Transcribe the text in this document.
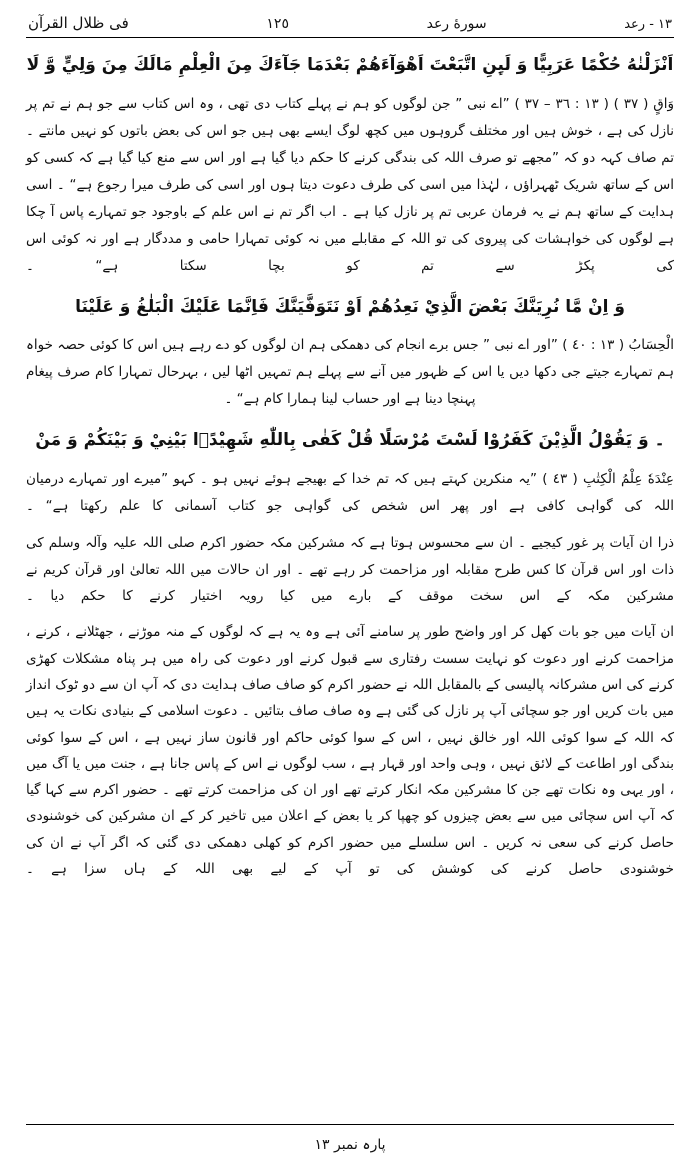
١٣ - رعد
سورۀ رعد
١٢٥
فی ظلال القرآن
اَنْزَلْنٰهُ حُكْمًا عَرَبِيًّا وَ لَىِٕنِ اتَّبَعْتَ اَهْوَآءَهُمْ بَعْدَمَا جَآءَكَ مِنَ الْعِلْمِ مَالَكَ مِنَ وَلِيٍّ وَّ لَا

وَاقٍ ( ٣٧ ) ( ١٣ : ٣٦ – ٣٧ ) ”اے نبی ” جن لوگوں کو ہم نے پہلے کتاب دی تھی ، وہ اس کتاب سے جو ہم نے تم پر نازل کی ہے ، خوش ہیں اور مختلف گروہوں میں کچھ لوگ ایسے بھی ہیں جو اس کی بعض باتوں کو نہیں مانتے ۔ تم صاف کہہ دو کہ ”مجھے تو صرف اللہ کی بندگی کرنے کا حکم دیا گیا ہے اور اس سے منع کیا گیا ہے کہ کسی کو اس کے ساتھ شریک ٹھہراؤں ، لہٰذا میں اسی کی طرف دعوت دیتا ہوں اور اسی کی طرف میرا رجوع ہے“ ۔ اسی ہدایت کے ساتھ ہم نے یہ فرمان عربی تم پر نازل کیا ہے ۔ اب اگر تم نے اس علم کے باوجود جو تمہارے پاس آ چکا ہے لوگوں کی خواہشات کی پیروی کی تو اللہ کے مقابلے میں نہ کوئی تمہارا حامی و مددگار ہے اور نہ کوئی اس کی پکڑ سے تم کو بچا سکتا ہے“ ۔

وَ اِنْ مَّا نُرِيَنَّكَ بَعْضَ الَّذِيْ نَعِدُهُمْ اَوْ نَتَوَفَّيَنَّكَ فَاِنَّمَا عَلَيْكَ الْبَلٰغُ وَ عَلَيْنَا

الْحِسَابُ ( ١٣ : ٤٠ ) ”اور اے نبی ” جس برے انجام کی دھمکی ہم ان لوگوں کو دے رہے ہیں اس کا کوئی حصہ خواہ ہم تمہارے جیتے جی دکھا دیں یا اس کے ظہور میں آنے سے پہلے ہم تمہیں اٹھا لیں ، بہرحال تمہارا کام صرف پیغام پہنچا دینا ہے اور حساب لینا ہمارا کام ہے“ ۔

۔وَ يَقُوْلُ الَّذِيْنَ كَفَرُوْا لَسْتَ مُرْسَلًا قُلْ كَفٰى بِاللّٰهِ شَهِيْدًۢا بَيْنِيْ وَ بَيْنَكُمْ وَ مَنْ

عِنْدَهٗ عِلْمُ الْكِتٰبِ ( ٤٣ ) ”یہ منکرین کہتے ہیں کہ تم خدا کے بھیجے ہوئے نہیں ہو ۔ کہو ”میرے اور تمہارے درمیان اللہ کی گواہی کافی ہے اور پھر اس شخص کی گواہی جو کتاب آسمانی کا علم رکھتا ہے“ ۔

ذرا ان آیات پر غور کیجیے ۔ ان سے محسوس ہوتا ہے کہ مشرکین مکہ حضور اکرم صلی اللہ علیہ وآلہ وسلم کی ذات اور اس قرآن کا کس طرح مقابلہ اور مزاحمت کر رہے تھے ۔ اور ان حالات میں اللہ تعالیٰ اور قرآن کریم نے مشرکین مکہ کے اس سخت موقف کے بارے میں کیا رویہ اختیار کرنے کا حکم دیا ۔

ان آیات میں جو بات کھل کر اور واضح طور پر سامنے آئی ہے وہ یہ ہے کہ لوگوں کے منہ موڑنے ، جھٹلانے ، کرنے ، مزاحمت کرنے اور دعوت کو نہایت سست رفتاری سے قبول کرنے اور دعوت کی راہ میں ہر پناہ مشکلات کھڑی کرنے کی اس مشرکانہ پالیسی کے بالمقابل اللہ نے حضور اکرم کو صاف صاف ہدایت دی کہ آپ ان سے دو ٹوک انداز میں بات کریں اور جو سچائی آپ پر نازل کی گئی ہے وہ صاف صاف بتائیں ۔ دعوت اسلامی کے بنیادی نکات یہ ہیں کہ اللہ کے سوا کوئی اللہ اور خالق نہیں ، اس کے سوا کوئی حاکم اور قانون ساز نہیں ہے ، اس کے سوا کوئی بندگی اور اطاعت کے لائق نہیں ، وہی واحد اور قہار ہے ، سب لوگوں نے اس کے پاس جانا ہے ، جنت میں یا آگ میں ، اور یہی وہ نکات تھے جن کا مشرکین مکہ انکار کرتے تھے اور ان کی مزاحمت کرتے تھے ۔ حضور اکرم سے کہا گیا کہ آپ اس سچائی میں سے بعض چیزوں کو چھپا کر یا بعض کے اعلان میں تاخیر کر کے ان مشرکین کی خوشنودی حاصل کرنے کی سعی نہ کریں ۔ اس سلسلے میں حضور اکرم کو کھلی دھمکی دی گئی کہ اگر آپ نے ان کی خوشنودی حاصل کرنے کی کوشش کی تو آپ کے لیے بھی اللہ کے ہاں سزا ہے ۔

پارہ نمبر ١٣
